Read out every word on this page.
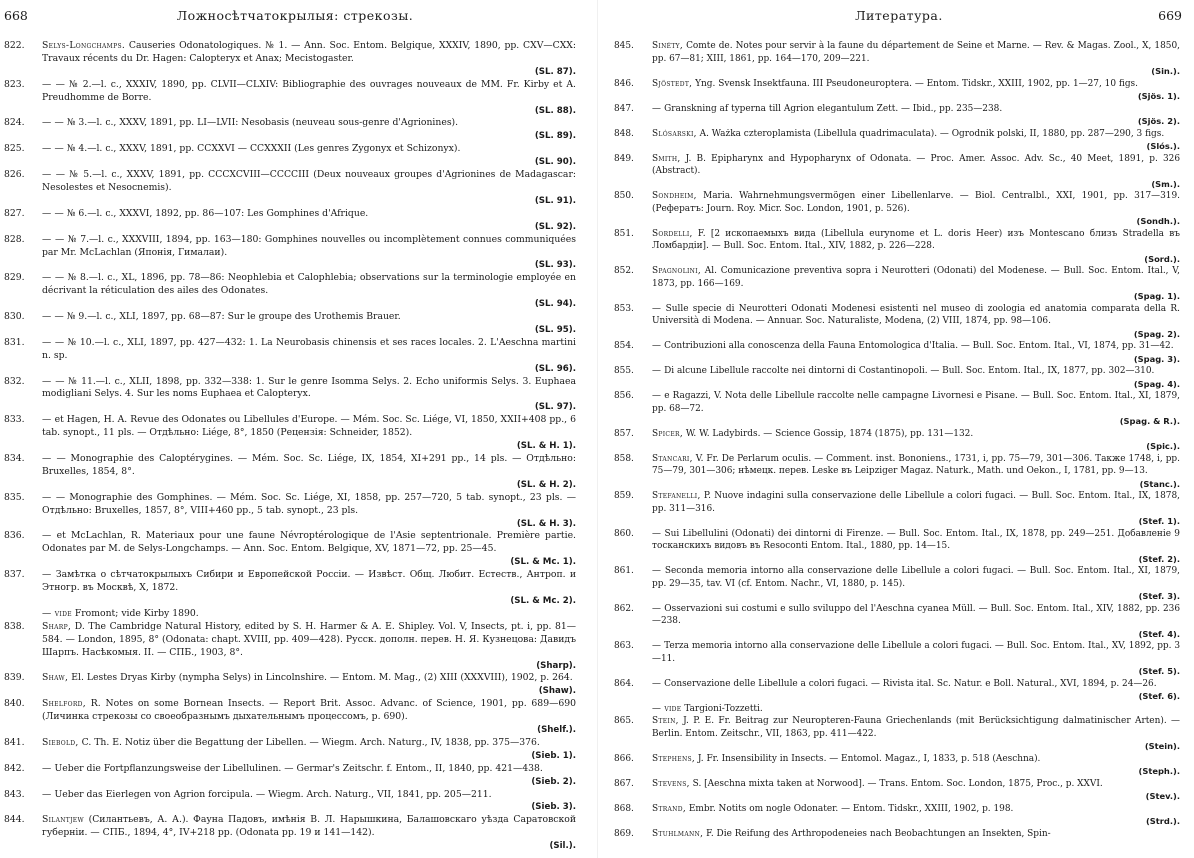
668	Ложносѣтчатокрылыя: стрекозы.
822.	Selys-Longchamps. Causeries Odonatologiques. № 1. — Ann. Soc. Entom. Belgique, XXXIV, 1890, pp. CXV—CXX: Travaux récents du Dr. Hagen: Calopteryx et Anax; Mecistogaster.
(SL. 87).
823.	— — № 2.—l. c., XXXIV, 1890, pp. CLVII—CLXIV: Bibliographie des ouvrages nouveaux de MM. Fr. Kirby et A. Preudhomme de Borre.
(SL. 88).
824.	— — № 3.—l. c., XXXV, 1891, pp. LI—LVII: Nesobasis (neuveau sous-genre d'Agrionines).
(SL. 89).
825.	— — № 4.—l. c., XXXV, 1891, pp. CCXXVI — CCXXXII (Les genres Zygonyx et Schizonyx).
(SL. 90).
826.	— — № 5.—l. c., XXXV, 1891, pp. CCCXCVIII—CCCCIII (Deux nouveaux groupes d'Agrionines de Madagascar: Nesolestes et Nesocnemis).
(SL. 91).
827.	— — № 6.—l. c., XXXVI, 1892, pp. 86—107: Les Gomphines d'Afrique.
(SL. 92).
828.	— — № 7.—l. c., XXXVIII, 1894, pp. 163—180: Gomphines nouvelles ou incomplètement connues communiquées par Mr. McLachlan (Японія, Гималаи).
(SL. 93).
829.	— — № 8.—l. c., XL, 1896, pp. 78—86: Neophlebia et Calophlebia; observations sur la terminologie employée en décrivant la réticulation des ailes des Odonates.
(SL. 94).
830.	— — № 9.—l. c., XLI, 1897, pp. 68—87: Sur le groupe des Urothemis Brauer.
(SL. 95).
831.	— — № 10.—l. c., XLI, 1897, pp. 427—432: 1. La Neurobasis chinensis et ses races locales. 2. L'Aeschna martini n. sp.
(SL. 96).
832.	— — № 11.—l. c., XLII, 1898, pp. 332—338: 1. Sur le genre Isomma Selys. 2. Echo uniformis Selys. 3. Euphaea modigliani Selys. 4. Sur les noms Euphaea et Calopteryx.
(SL. 97).
833.	— et Hagen, H. A. Revue des Odonates ou Libellules d'Europe. — Mém. Soc. Sc. Liége, VI, 1850, XXII+408 pp., 6 tab. synopt., 11 pls. — Отдѣльно: Liége, 8°, 1850 (Рецензія: Schneider, 1852).
(SL. & H. 1).
834.	— — Monographie des Caloptérygines. — Mém. Soc. Sc. Liége, IX, 1854, XI+291 pp., 14 pls. — Отдѣльно: Bruxelles, 1854, 8°.
(SL. & H. 2).
835.	— — Monographie des Gomphines. — Mém. Soc. Sc. Liége, XI, 1858, pp. 257—720, 5 tab. synopt., 23 pls. — Отдѣльно: Bruxelles, 1857, 8°, VIII+460 pp., 5 tab. synopt., 23 pls.
(SL. & H. 3).
836.	— et McLachlan, R. Materiaux pour une faune Névroptérologique de l'Asie septentrionale. Première partie. Odonates par M. de Selys-Longchamps. — Ann. Soc. Entom. Belgique, XV, 1871—72, pp. 25—45.
(SL. & Mc. 1).
837.	— Замѣтка о сѣтчатокрылыхъ Сибири и Европейской Россіи. — Извѣст. Общ. Любит. Естеств., Антроп. и Этногр. въ Москвѣ, X, 1872.
(SL. & Mc. 2).
— vide Fromont; vide Kirby 1890.
838.	Sharp, D. The Cambridge Natural History, edited by S. H. Harmer & A. E. Shipley. Vol. V, Insects, pt. i, pp. 81—584. — London, 1895, 8° (Odonata: chapt. XVIII, pp. 409—428). Русск. дополн. перев. Н. Я. Кузнецова: Давидъ Шарпъ. Насѣкомыя. II. — СПБ., 1903, 8°.
(Sharp).
839.	Shaw, El. Lestes Dryas Kirby (nympha Selys) in Lincolnshire. — Entom. M. Mag., (2) XIII (XXXVIII), 1902, p. 264.
(Shaw).
840.	Shelford, R. Notes on some Bornean Insects. — Report Brit. Assoc. Advanc. of Science, 1901, pp. 689—690 (Личинка стрекозы со своеобразнымъ дыхательнымъ процессомъ, p. 690).
(Shelf.).
841.	Siebold, C. Th. E. Notiz über die Begattung der Libellen. — Wiegm. Arch. Naturg., IV, 1838, pp. 375—376.
(Sieb. 1).
842.	— Ueber die Fortpflanzungsweise der Libellulinen. — Germar's Zeitschr. f. Entom., II, 1840, pp. 421—438.
(Sieb. 2).
843.	— Ueber das Eierlegen von Agrion forcipula. — Wiegm. Arch. Naturg., VII, 1841, pp. 205—211.
(Sieb. 3).
844.	Silantjew (Силантьевъ, А. А.). Фауна Падовъ, имѣнія В. Л. Нарышкина, Балашовскаго уѣзда Саратовской губерніи. — СПБ., 1894, 4°, IV+218 pp. (Odonata pp. 19 и 141—142).
(Sil.).
Литература.	669
845.	Sinéty, Comte de. Notes pour servir à la faune du département de Seine et Marne. — Rev. & Magas. Zool., X, 1850, pp. 67—81; XIII, 1861, pp. 164—170, 209—221.
(Sin.).
846.	Sjöstedt, Yng. Svensk Insektfauna. III Pseudoneuroptera. — Entom. Tidskr., XXIII, 1902, pp. 1—27, 10 figs.
(Sjös. 1).
847.	— Granskning af typerna till Agrion elegantulum Zett. — Ibid., pp. 235—238.
(Sjös. 2).
848.	Slósarski, A. Ważka czteroplamista (Libellula quadrimaculata). — Ogrodnik polski, II, 1880, pp. 287—290, 3 figs.
(Slós.).
849.	Smith, J. B. Epipharynx and Hypopharynx of Odonata. — Proc. Amer. Assoc. Adv. Sc., 40 Meet, 1891, p. 326 (Abstract).
(Sm.).
850.	Sondheim, Maria. Wahrnehmungsvermögen einer Libellenlarve. — Biol. Centralbl., XXI, 1901, pp. 317—319. (Рефератъ: Journ. Roy. Micr. Soc. London, 1901, p. 526).
(Sondh.).
851.	Sordelli, F. [2 ископаемыхъ вида (Libellula eurynome et L. doris Heer) изъ Montescano близъ Stradella въ Ломбардіи]. — Bull. Soc. Entom. Ital., XIV, 1882, p. 226—228.
(Sord.).
852.	Spagnolini, Al. Comunicazione preventiva sopra i Neurotteri (Odonati) del Modenese. — Bull. Soc. Entom. Ital., V, 1873, pp. 166—169.
(Spag. 1).
853.	— Sulle specie di Neurotteri Odonati Modenesi esistenti nel museo di zoologia ed anatomia comparata della R. Università di Modena. — Annuar. Soc. Naturaliste, Modena, (2) VIII, 1874, pp. 98—106.
(Spag. 2).
854.	— Contribuzioni alla conoscenza della Fauna Entomologica d'Italia. — Bull. Soc. Entom. Ital., VI, 1874, pp. 31—42.
(Spag. 3).
855.	— Di alcune Libellule raccolte nei dintorni di Costantinopoli. — Bull. Soc. Entom. Ital., IX, 1877, pp. 302—310.
(Spag. 4).
856.	— e Ragazzi, V. Nota delle Libellule raccolte nelle campagne Livornesi e Pisane. — Bull. Soc. Entom. Ital., XI, 1879, pp. 68—72.
(Spag. & R.).
857.	Spicer, W. W. Ladybirds. — Science Gossip, 1874 (1875), pp. 131—132.
(Spic.).
858.	Stancari, V. Fr. De Perlarum oculis. — Comment. inst. Bononiens., 1731, i, pp. 75—79, 301—306. Также 1748, i, pp. 75—79, 301—306; нѣмецк. перев. Leske въ Leipziger Magaz. Naturk., Math. und Oekon., I, 1781, pp. 9—13.
(Stanc.).
859.	Stefanelli, P. Nuove indagini sulla conservazione delle Libellule a colori fugaci. — Bull. Soc. Entom. Ital., IX, 1878, pp. 311—316.
(Stef. 1).
860.	— Sui Libellulini (Odonati) dei dintorni di Firenze. — Bull. Soc. Entom. Ital., IX, 1878, pp. 249—251. Добавленіе 9 тосканскихъ видовъ въ Resoconti Entom. Ital., 1880, pp. 14—15.
(Stef. 2).
861.	— Seconda memoria intorno alla conservazione delle Libellule a colori fugaci. — Bull. Soc. Entom. Ital., XI, 1879, pp. 29—35, tav. VI (cf. Entom. Nachr., VI, 1880, p. 145).
(Stef. 3).
862.	— Osservazioni sui costumi e sullo sviluppo del l'Aeschna cyanea Müll. — Bull. Soc. Entom. Ital., XIV, 1882, pp. 236—238.
(Stef. 4).
863.	— Terza memoria intorno alla conservazione delle Libellule a colori fugaci. — Bull. Soc. Entom. Ital., XV, 1892, pp. 3—11.
(Stef. 5).
864.	— Conservazione delle Libellule a colori fugaci. — Rivista ital. Sc. Natur. e Boll. Natural., XVI, 1894, p. 24—26.
(Stef. 6).
— vide Targioni-Tozzetti.
865.	Stein, J. P. E. Fr. Beitrag zur Neuropteren-Fauna Griechenlands (mit Berücksichtigung dalmatinischer Arten). — Berlin. Entom. Zeitschr., VII, 1863, pp. 411—422.
(Stein).
866.	Stephens, J. Fr. Insensibility in Insects. — Entomol. Magaz., I, 1833, p. 518 (Aeschna).
(Steph.).
867.	Stevens, S. [Aeschna mixta taken at Norwood]. — Trans. Entom. Soc. London, 1875, Proc., p. XXVI.
(Stev.).
868.	Strand, Embr. Notits om nogle Odonater. — Entom. Tidskr., XXIII, 1902, p. 198.
(Strd.).
869.	Stuhlmann, F. Die Reifung des Arthropodeneies nach Beobachtungen an Insekten, Spin-
